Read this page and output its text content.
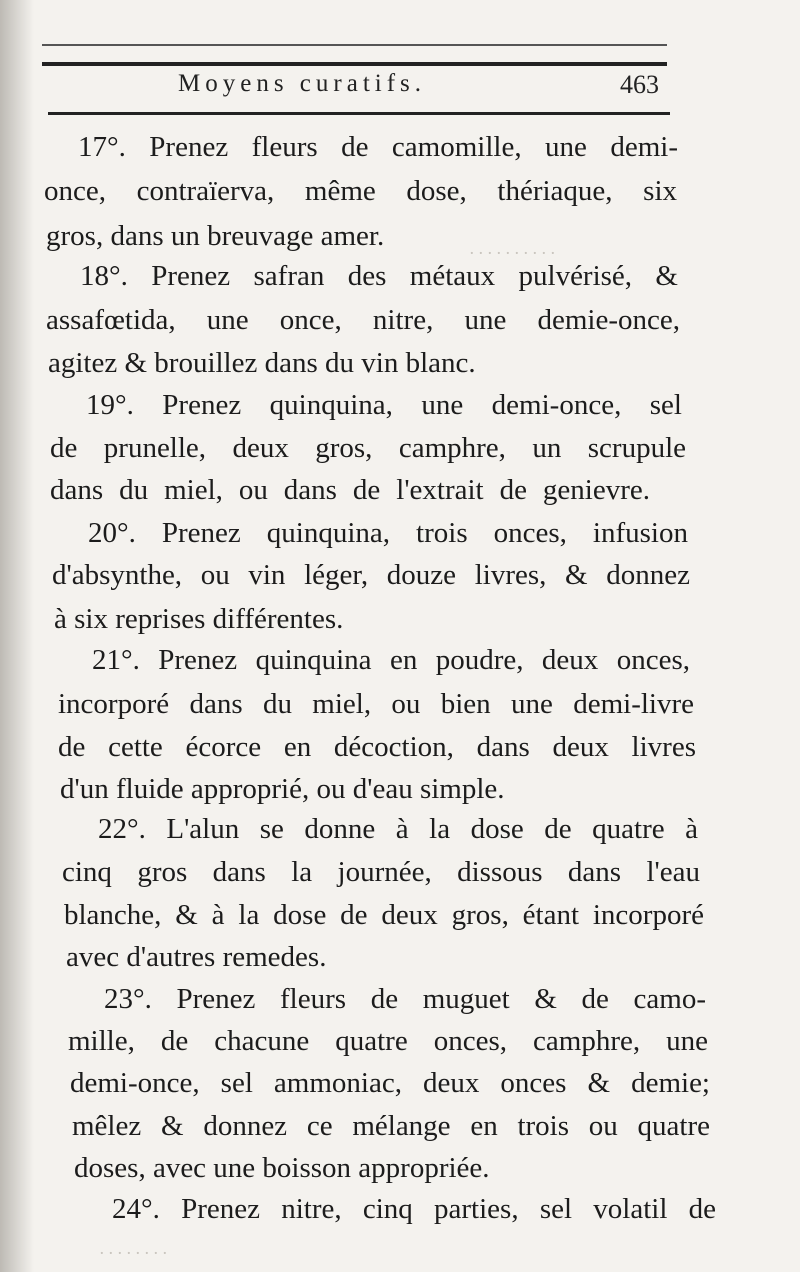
Moyens curatifs.	463
. . . . . . . . . .
. . . . . . . .
17°. Prenez fleurs de camomille, une demi-
once, contraïerva, même dose, thériaque, six
gros, dans un breuvage amer.
18°. Prenez safran des métaux pulvérisé, &
assafœtida, une once, nitre, une demie-once,
agitez & brouillez dans du vin blanc.
19°. Prenez quinquina, une demi-once, sel
de prunelle, deux gros, camphre, un scrupule
dans du miel, ou dans de l'extrait de genievre.
20°. Prenez quinquina, trois onces, infusion
d'absynthe, ou vin léger, douze livres, & donnez
à six reprises différentes.
21°. Prenez quinquina en poudre, deux onces,
incorporé dans du miel, ou bien une demi-livre
de cette écorce en décoction, dans deux livres
d'un fluide approprié, ou d'eau simple.
22°. L'alun se donne à la dose de quatre à
cinq gros dans la journée, dissous dans l'eau
blanche, & à la dose de deux gros, étant incorporé
avec d'autres remedes.
23°. Prenez fleurs de muguet & de camo-
mille, de chacune quatre onces, camphre, une
demi-once, sel ammoniac, deux onces & demie;
mêlez & donnez ce mélange en trois ou quatre
doses, avec une boisson appropriée.
24°. Prenez nitre, cinq parties, sel volatil de
